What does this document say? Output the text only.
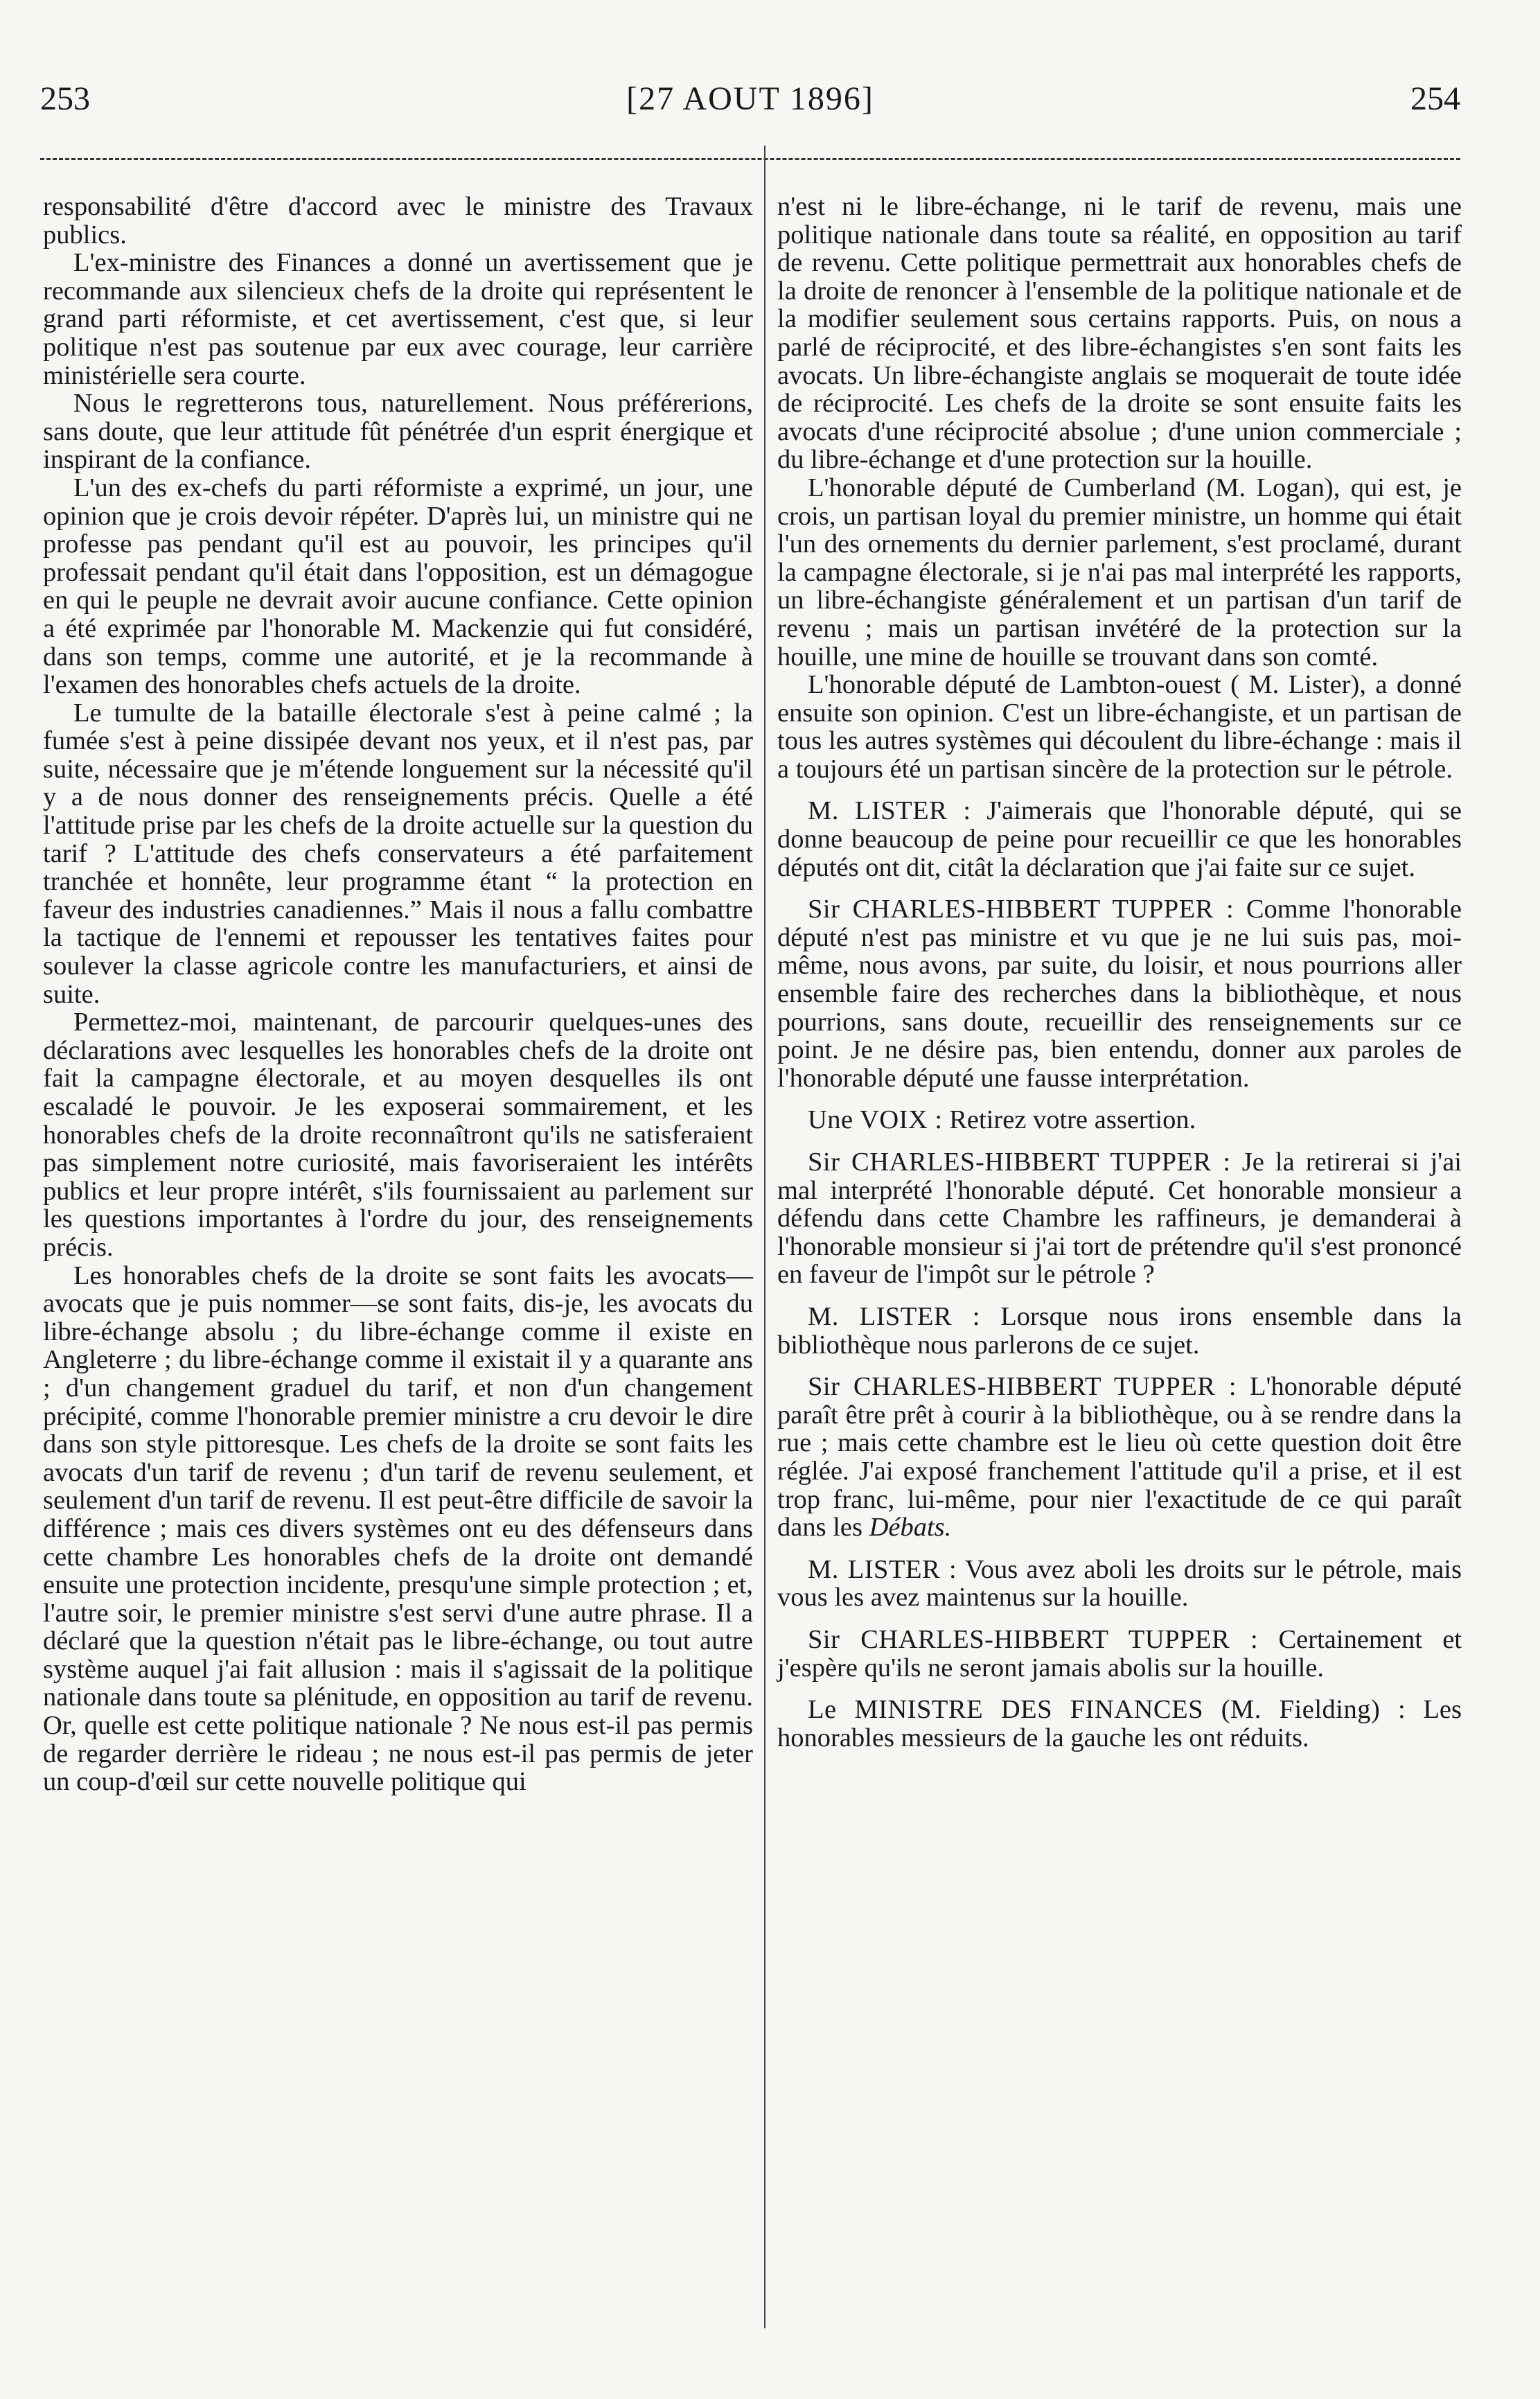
253	[27 AOUT 1896]	254

responsabilité d'être d'accord avec le ministre des Travaux publics.

L'ex-ministre des Finances a donné un avertissement que je recommande aux silencieux chefs de la droite qui représentent le grand parti réformiste, et cet avertissement, c'est que, si leur politique n'est pas soutenue par eux avec courage, leur carrière ministérielle sera courte.

Nous le regretterons tous, naturellement. Nous préférerions, sans doute, que leur attitude fût pénétrée d'un esprit énergique et inspirant de la confiance.

L'un des ex-chefs du parti réformiste a exprimé, un jour, une opinion que je crois devoir répéter. D'après lui, un ministre qui ne professe pas pendant qu'il est au pouvoir, les principes qu'il professait pendant qu'il était dans l'opposition, est un démagogue en qui le peuple ne devrait avoir aucune confiance. Cette opinion a été exprimée par l'honorable M. Mackenzie qui fut considéré, dans son temps, comme une autorité, et je la recommande à l'examen des honorables chefs actuels de la droite.

Le tumulte de la bataille électorale s'est à peine calmé ; la fumée s'est à peine dissipée devant nos yeux, et il n'est pas, par suite, nécessaire que je m'étende longuement sur la nécessité qu'il y a de nous donner des renseignements précis. Quelle a été l'attitude prise par les chefs de la droite actuelle sur la question du tarif ? L'attitude des chefs conservateurs a été parfaitement tranchée et honnête, leur programme étant “ la protection en faveur des industries canadiennes.” Mais il nous a fallu combattre la tactique de l'ennemi et repousser les tentatives faites pour soulever la classe agricole contre les manufacturiers, et ainsi de suite.

Permettez-moi, maintenant, de parcourir quelques-unes des déclarations avec lesquelles les honorables chefs de la droite ont fait la campagne électorale, et au moyen desquelles ils ont escaladé le pouvoir. Je les exposerai sommairement, et les honorables chefs de la droite reconnaîtront qu'ils ne satisferaient pas simplement notre curiosité, mais favoriseraient les intérêts publics et leur propre intérêt, s'ils fournissaient au parlement sur les questions importantes à l'ordre du jour, des renseignements précis.

Les honorables chefs de la droite se sont faits les avocats—avocats que je puis nommer—se sont faits, dis-je, les avocats du libre-échange absolu ; du libre-échange comme il existe en Angleterre ; du libre-échange comme il existait il y a quarante ans ; d'un changement graduel du tarif, et non d'un changement précipité, comme l'honorable premier ministre a cru devoir le dire dans son style pittoresque. Les chefs de la droite se sont faits les avocats d'un tarif de revenu ; d'un tarif de revenu seulement, et seulement d'un tarif de revenu. Il est peut-être difficile de savoir la différence ; mais ces divers systèmes ont eu des défenseurs dans cette chambre Les honorables chefs de la droite ont demandé ensuite une protection incidente, presqu'une simple protection ; et, l'autre soir, le premier ministre s'est servi d'une autre phrase. Il a déclaré que la question n'était pas le libre-échange, ou tout autre système auquel j'ai fait allusion : mais il s'agissait de la politique nationale dans toute sa plénitude, en opposition au tarif de revenu. Or, quelle est cette politique nationale ? Ne nous est-il pas permis de regarder derrière le rideau ; ne nous est-il pas permis de jeter un coup-d'œil sur cette nouvelle politique qui

n'est ni le libre-échange, ni le tarif de revenu, mais une politique nationale dans toute sa réalité, en opposition au tarif de revenu. Cette politique permettrait aux honorables chefs de la droite de renoncer à l'ensemble de la politique nationale et de la modifier seulement sous certains rapports. Puis, on nous a parlé de réciprocité, et des libre-échangistes s'en sont faits les avocats. Un libre-échangiste anglais se moquerait de toute idée de réciprocité. Les chefs de la droite se sont ensuite faits les avocats d'une réciprocité absolue ; d'une union commerciale ; du libre-échange et d'une protection sur la houille.

L'honorable député de Cumberland (M. Logan), qui est, je crois, un partisan loyal du premier ministre, un homme qui était l'un des ornements du dernier parlement, s'est proclamé, durant la campagne électorale, si je n'ai pas mal interprété les rapports, un libre-échangiste généralement et un partisan d'un tarif de revenu ; mais un partisan invétéré de la protection sur la houille, une mine de houille se trouvant dans son comté.

L'honorable député de Lambton-ouest ( M. Lister), a donné ensuite son opinion. C'est un libre-échangiste, et un partisan de tous les autres systèmes qui découlent du libre-échange : mais il a toujours été un partisan sincère de la protection sur le pétrole.

M. LISTER : J'aimerais que l'honorable député, qui se donne beaucoup de peine pour recueillir ce que les honorables députés ont dit, citât la déclaration que j'ai faite sur ce sujet.

Sir CHARLES-HIBBERT TUPPER : Comme l'honorable député n'est pas ministre et vu que je ne lui suis pas, moi-même, nous avons, par suite, du loisir, et nous pourrions aller ensemble faire des recherches dans la bibliothèque, et nous pourrions, sans doute, recueillir des renseignements sur ce point. Je ne désire pas, bien entendu, donner aux paroles de l'honorable député une fausse interprétation.

Une VOIX : Retirez votre assertion.

Sir CHARLES-HIBBERT TUPPER : Je la retirerai si j'ai mal interprété l'honorable député. Cet honorable monsieur a défendu dans cette Chambre les raffineurs, je demanderai à l'honorable monsieur si j'ai tort de prétendre qu'il s'est prononcé en faveur de l'impôt sur le pétrole ?

M. LISTER : Lorsque nous irons ensemble dans la bibliothèque nous parlerons de ce sujet.

Sir CHARLES-HIBBERT TUPPER : L'honorable député paraît être prêt à courir à la bibliothèque, ou à se rendre dans la rue ; mais cette chambre est le lieu où cette question doit être réglée. J'ai exposé franchement l'attitude qu'il a prise, et il est trop franc, lui-même, pour nier l'exactitude de ce qui paraît dans les Débats.

M. LISTER : Vous avez aboli les droits sur le pétrole, mais vous les avez maintenus sur la houille.

Sir CHARLES-HIBBERT TUPPER : Certainement et j'espère qu'ils ne seront jamais abolis sur la houille.

Le MINISTRE DES FINANCES (M. Fielding) : Les honorables messieurs de la gauche les ont réduits.
